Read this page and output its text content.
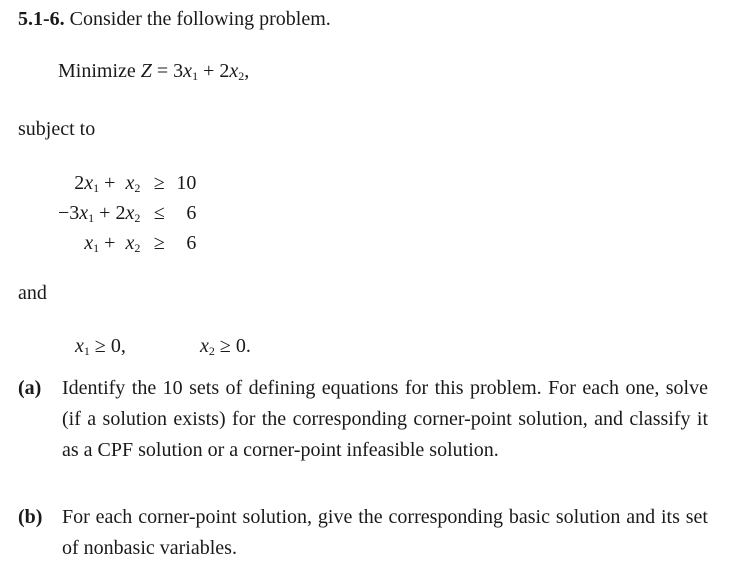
5.1-6. Consider the following problem.
Minimize $Z = 3x_1 + 2x_2$,
subject to
$2x_1 + x_2$	≥	10
$-3x_1 + 2x_2$	≤	6
$x_1 + x_2$	≥	6
and
$x_1 \ge 0$,	$x_2 \ge 0$.
(a) Identify the 10 sets of defining equations for this problem. For each one, solve (if a solution exists) for the corresponding corner-point solution, and classify it as a CPF solution or a corner-point infeasible solution.
(b) For each corner-point solution, give the corresponding basic solution and its set of nonbasic variables.
